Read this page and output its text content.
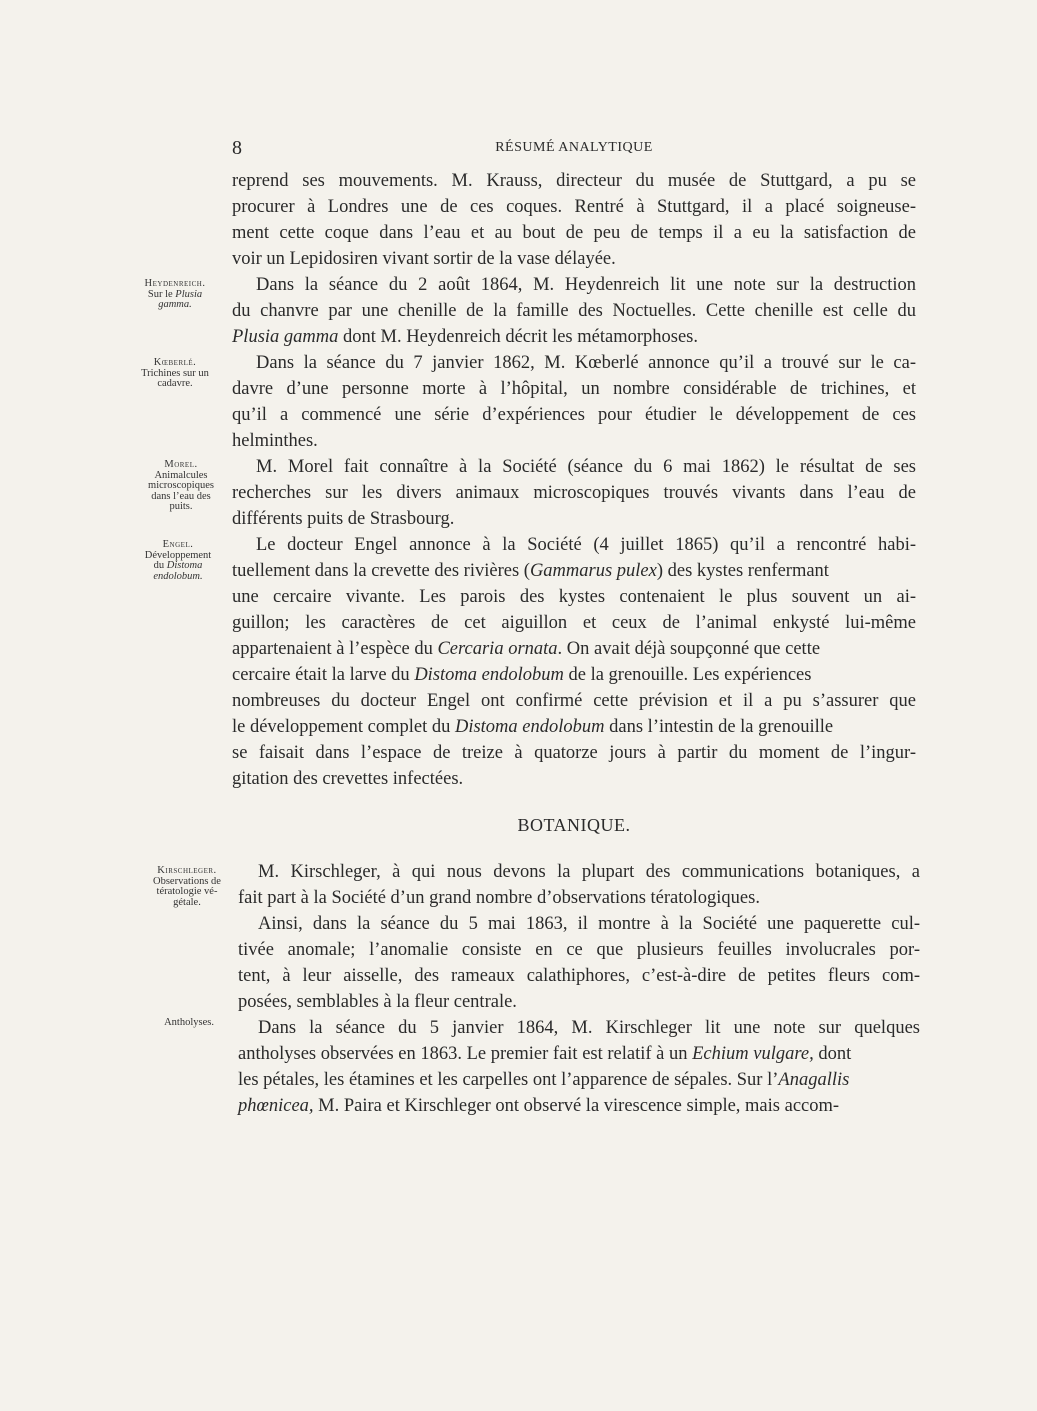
8	RÉSUMÉ ANALYTIQUE
reprend ses mouvements. M. Krauss, directeur du musée de Stuttgard, a pu se
procurer à Londres une de ces coques. Rentré à Stuttgard, il a placé soigneuse-
ment cette coque dans l’eau et au bout de peu de temps il a eu la satisfaction de
voir un Lepidosiren vivant sortir de la vase délayée.
Dans la séance du 2 août 1864, M. Heydenreich lit une note sur la destruction
du chanvre par une chenille de la famille des Noctuelles. Cette chenille est celle du
Plusia gamma dont M. Heydenreich décrit les métamorphoses.
Dans la séance du 7 janvier 1862, M. Kœberlé annonce qu’il a trouvé sur le ca-
davre d’une personne morte à l’hôpital, un nombre considérable de trichines, et
qu’il a commencé une série d’expériences pour étudier le développement de ces
helminthes.
M. Morel fait connaître à la Société (séance du 6 mai 1862) le résultat de ses
recherches sur les divers animaux microscopiques trouvés vivants dans l’eau de
différents puits de Strasbourg.
Le docteur Engel annonce à la Société (4 juillet 1865) qu’il a rencontré habi-
tuellement dans la crevette des rivières (Gammarus pulex) des kystes renfermant
une cercaire vivante. Les parois des kystes contenaient le plus souvent un ai-
guillon; les caractères de cet aiguillon et ceux de l’animal enkysté lui-même
appartenaient à l’espèce du Cercaria ornata. On avait déjà soupçonné que cette
cercaire était la larve du Distoma endolobum de la grenouille. Les expériences
nombreuses du docteur Engel ont confirmé cette prévision et il a pu s’assurer que
le développement complet du Distoma endolobum dans l’intestin de la grenouille
se faisait dans l’espace de treize à quatorze jours à partir du moment de l’ingur-
gitation des crevettes infectées.
BOTANIQUE.
M. Kirschleger, à qui nous devons la plupart des communications botaniques, a
fait part à la Société d’un grand nombre d’observations tératologiques.
Ainsi, dans la séance du 5 mai 1863, il montre à la Société une paquerette cul-
tivée anomale; l’anomalie consiste en ce que plusieurs feuilles involucrales por-
tent, à leur aisselle, des rameaux calathiphores, c’est-à-dire de petites fleurs com-
posées, semblables à la fleur centrale.
Dans la séance du 5 janvier 1864, M. Kirschleger lit une note sur quelques
antholyses observées en 1863. Le premier fait est relatif à un Echium vulgare, dont
les pétales, les étamines et les carpelles ont l’apparence de sépales. Sur l’Anagallis
phœnicea, M. Paira et Kirschleger ont observé la virescence simple, mais accom-
Heydenreich.
Sur le Plusia
gamma.
Kœberlé.
Trichines sur un
cadavre.
Morel.
Animalcules
microscopiques
dans l’eau des
puits.
Engel.
Développement
du Distoma
endolobum.
Kirschleger.
Observations de
tératologie vé-
gétale.
Antholyses.
